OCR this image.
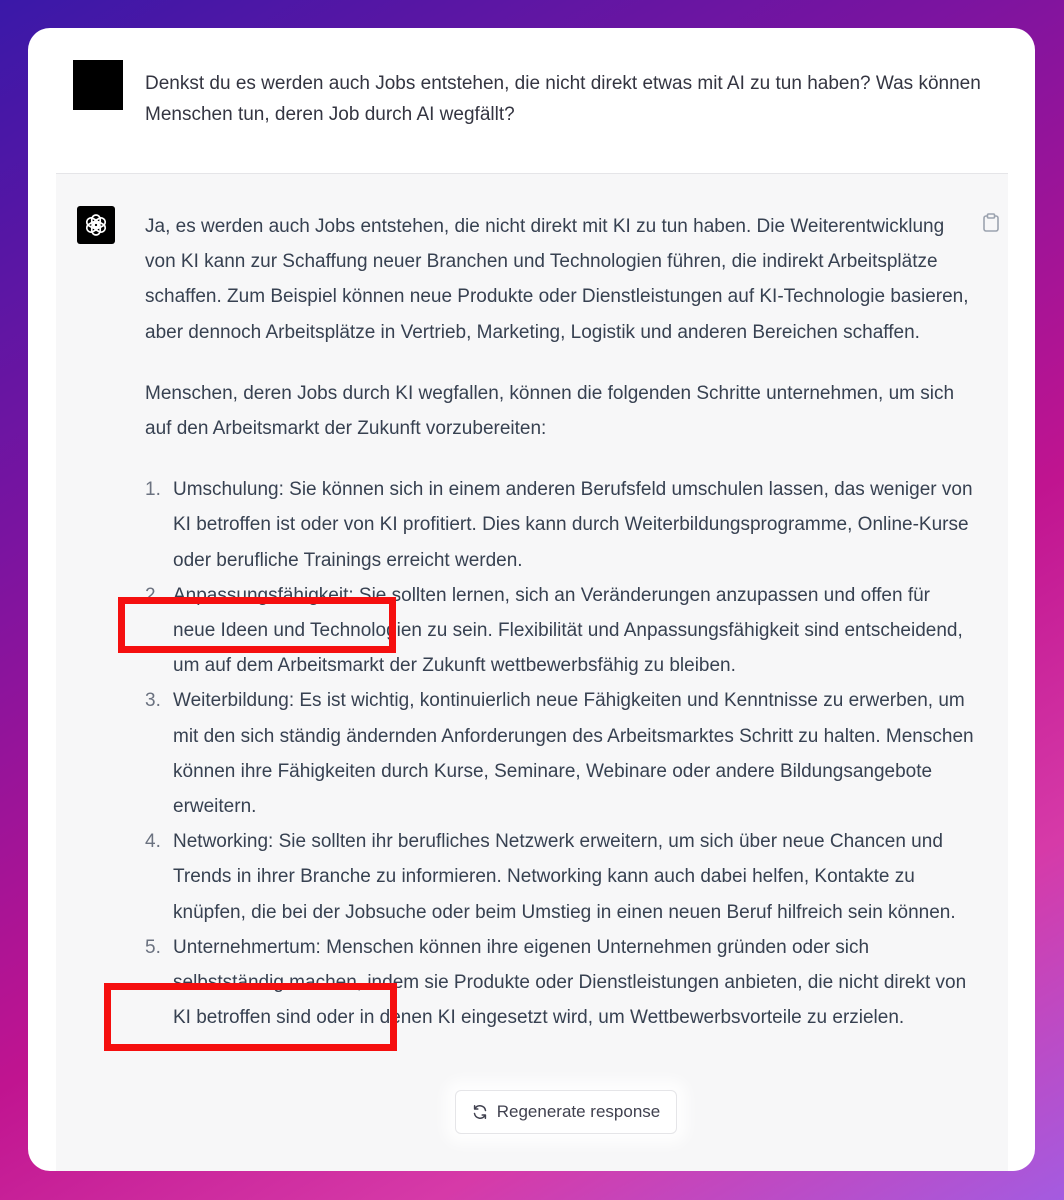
Denkst du es werden auch Jobs entstehen, die nicht direkt etwas mit AI zu tun haben? Was können Menschen tun, deren Job durch AI wegfällt?

Ja, es werden auch Jobs entstehen, die nicht direkt mit KI zu tun haben. Die Weiterentwicklung von KI kann zur Schaffung neuer Branchen und Technologien führen, die indirekt Arbeitsplätze schaffen. Zum Beispiel können neue Produkte oder Dienstleistungen auf KI-Technologie basieren, aber dennoch Arbeitsplätze in Vertrieb, Marketing, Logistik und anderen Bereichen schaffen.

Menschen, deren Jobs durch KI wegfallen, können die folgenden Schritte unternehmen, um sich auf den Arbeitsmarkt der Zukunft vorzubereiten:

1. Umschulung: Sie können sich in einem anderen Berufsfeld umschulen lassen, das weniger von KI betroffen ist oder von KI profitiert. Dies kann durch Weiterbildungsprogramme, Online-Kurse oder berufliche Trainings erreicht werden.
2. Anpassungsfähigkeit: Sie sollten lernen, sich an Veränderungen anzupassen und offen für neue Ideen und Technologien zu sein. Flexibilität und Anpassungsfähigkeit sind entscheidend, um auf dem Arbeitsmarkt der Zukunft wettbewerbsfähig zu bleiben.
3. Weiterbildung: Es ist wichtig, kontinuierlich neue Fähigkeiten und Kenntnisse zu erwerben, um mit den sich ständig ändernden Anforderungen des Arbeitsmarktes Schritt zu halten. Menschen können ihre Fähigkeiten durch Kurse, Seminare, Webinare oder andere Bildungsangebote erweitern.
4. Networking: Sie sollten ihr berufliches Netzwerk erweitern, um sich über neue Chancen und Trends in ihrer Branche zu informieren. Networking kann auch dabei helfen, Kontakte zu knüpfen, die bei der Jobsuche oder beim Umstieg in einen neuen Beruf hilfreich sein können.
5. Unternehmertum: Menschen können ihre eigenen Unternehmen gründen oder sich selbstständig machen, indem sie Produkte oder Dienstleistungen anbieten, die nicht direkt von KI betroffen sind oder in denen KI eingesetzt wird, um Wettbewerbsvorteile zu erzielen.
Regenerate response
